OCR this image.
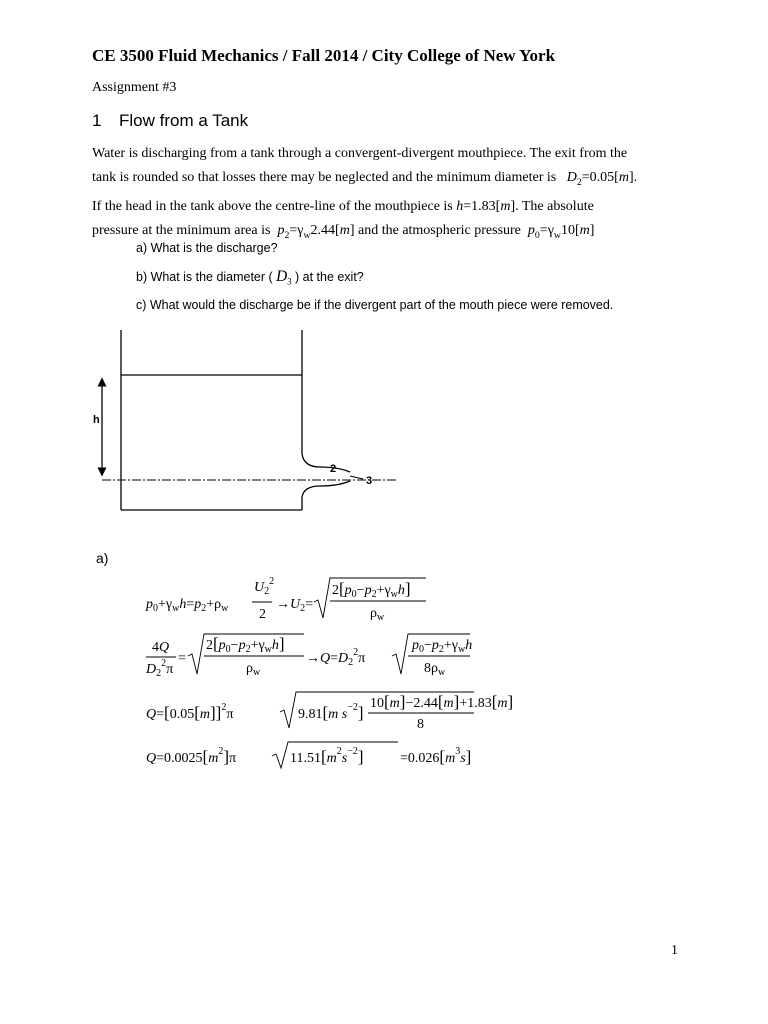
CE 3500 Fluid Mechanics / Fall 2014 / City College of New York
Assignment #3
1 Flow from a Tank
Water is discharging from a tank through a convergent-divergent mouthpiece. The exit from the
tank is rounded so that losses there may be neglected and the minimum diameter is $D_2=0.05[m]$.
If the head in the tank above the centre-line of the mouthpiece is h=1.83[m]. The absolute
pressure at the minimum area is $p_2=\gamma_w2.44[m]$ and the atmospheric pressure $p_0=\gamma_w10[m]$
a) What is the discharge?
b) What is the diameter ( $D_3$ ) at the exit?
c) What would the discharge be if the divergent part of the mouth piece were removed.
h
2
3
a)
$p_0+\gamma_wh=p_2+\rho_w$
$U_2^2$
2
$\to U_2=$
$2[p_0-p_2+\gamma_wh]$
$\rho_w$
4Q
$D_2^2\pi$
=
$2[p_0-p_2+\gamma_wh]$
$\rho_w$
$\to Q=D_2^2\pi$
$p_0-p_2+\gamma_wh$
$8\rho_w$
$Q=[0.05[m]]^2\pi$	9.81[m $s^{-2}$] 10[m]−2.44[m]+1.83[m]
8
$Q=0.0025[m^2]\pi$	$11.51[m^2s^{-2}]$	$=0.026[m^3s]$
1
